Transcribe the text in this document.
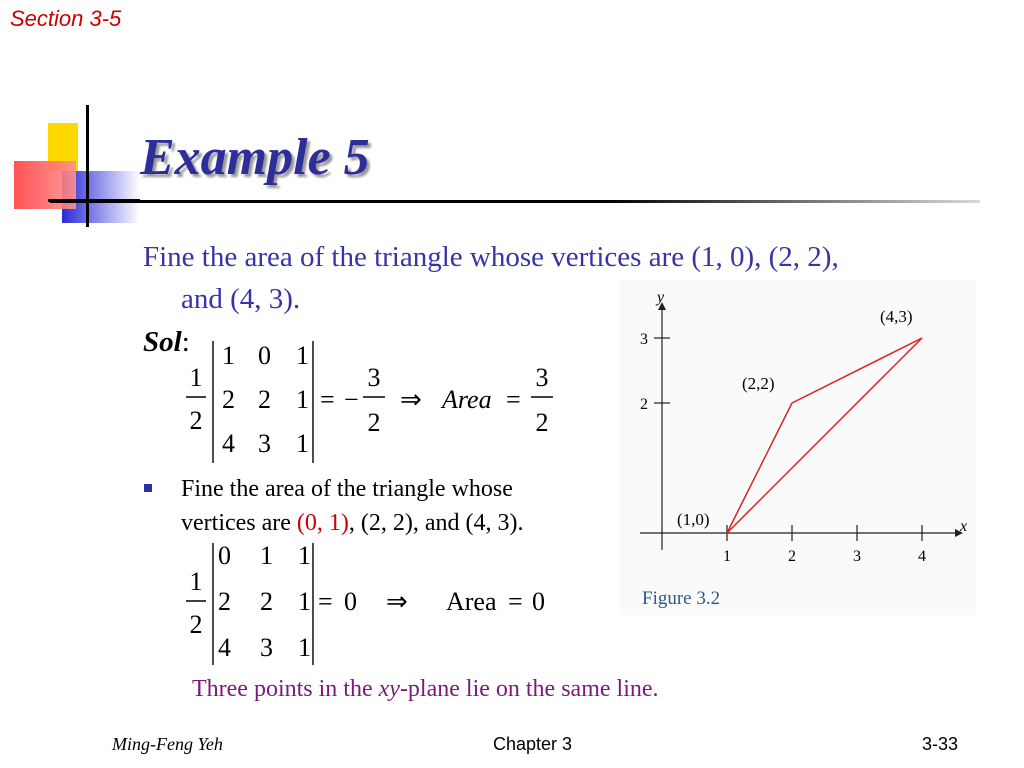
Section 3-5
Example 5
Fine the area of the triangle whose vertices are (1, 0), (2, 2),
and (4, 3).
Sol:
1
2
1 0 1
2 2 1
4 3 1
= −
3
2
⇒ Area =
3
2
Fine the area of the triangle whose
vertices are (0, 1), (2, 2), and (4, 3).
1
2
0 1 1
2 2 1
4 3 1
= 0 ⇒ Area = 0
x
y
1	2	3	4
2
3
(1,0)
(2,2)
(4,3)
Figure 3.2
Three points in the xy-plane lie on the same line.
Ming-Feng Yeh	Chapter 3	3-33
